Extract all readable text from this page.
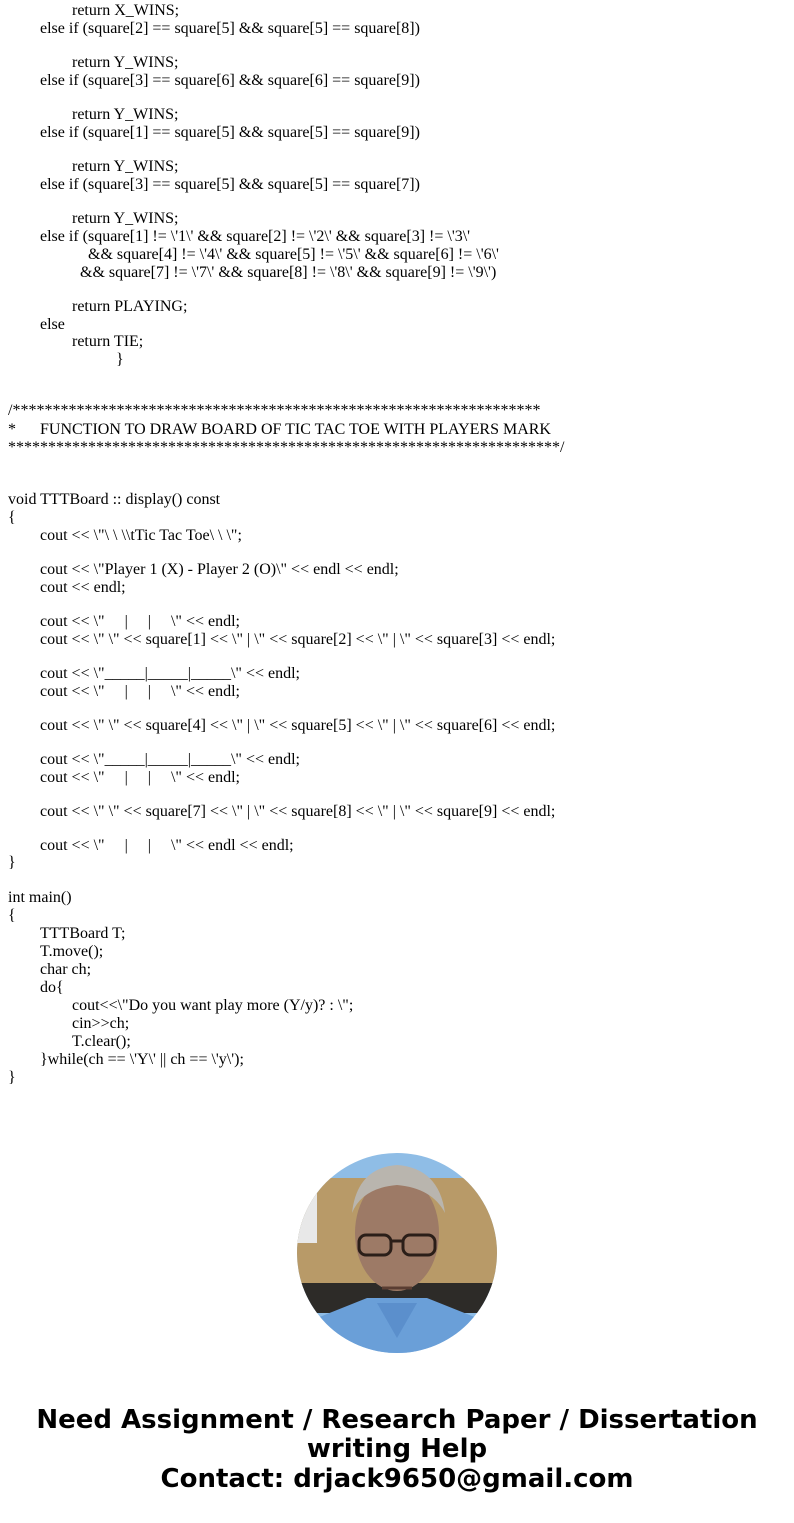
return X_WINS;
else if (square[2] == square[5] && square[5] == square[8])
return Y_WINS;
else if (square[3] == square[6] && square[6] == square[9])
return Y_WINS;
else if (square[1] == square[5] && square[5] == square[9])
return Y_WINS;
else if (square[3] == square[5] && square[5] == square[7])
return Y_WINS;
else if (square[1] != \'1\' && square[2] != \'2\' && square[3] != \'3\'
&& square[4] != \'4\' && square[5] != \'5\' && square[6] != \'6\'
&& square[7] != \'7\' && square[8] != \'8\' && square[9] != \'9\')
return PLAYING;
else
return TIE;
}
/******************************************************************
* FUNCTION TO DRAW BOARD OF TIC TAC TOE WITH PLAYERS MARK
*********************************************************************/
void TTTBoard :: display() const
{
cout << \"\ \ \\tTic Tac Toe\ \ \";
cout << \"Player 1 (X) - Player 2 (O)\" << endl << endl;
cout << endl;
cout << \"     |     |     \" << endl;
cout << \" \" << square[1] << \" | \" << square[2] << \" | \" << square[3] << endl;
cout << \"_____|_____|_____\" << endl;
cout << \"     |     |     \" << endl;
cout << \" \" << square[4] << \" | \" << square[5] << \" | \" << square[6] << endl;
cout << \"_____|_____|_____\" << endl;
cout << \"     |     |     \" << endl;
cout << \" \" << square[7] << \" | \" << square[8] << \" | \" << square[9] << endl;
cout << \"     |     |     \" << endl << endl;
}
int main()
{
TTTBoard T;
T.move();
char ch;
do{
cout<<\"Do you want play more (Y/y)? : \";
cin>>ch;
T.clear();
}while(ch == \'Y\' || ch == \'y\');
}
Need Assignment / Research Paper / Dissertation
writing Help
Contact: drjack9650@gmail.com
